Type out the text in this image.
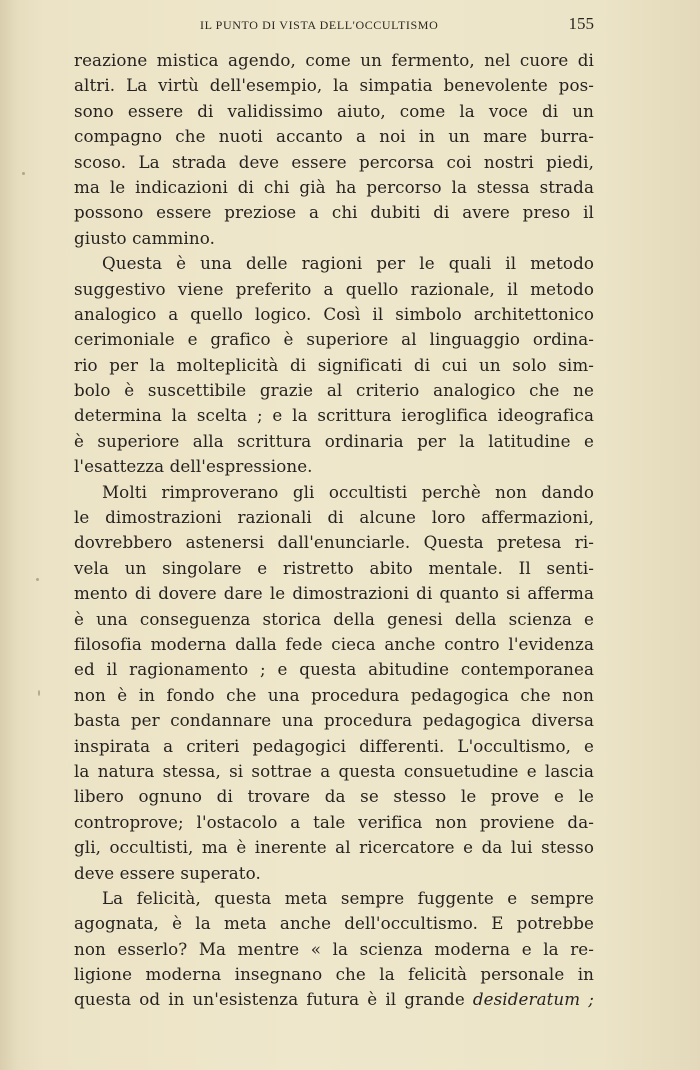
IL PUNTO DI VISTA DELL'OCCULTISMO	155
reazione mistica agendo, come un fermento, nel cuore di
altri. La virtù dell'esempio, la simpatia benevolente pos-
sono essere di validissimo aiuto, come la voce di un
compagno che nuoti accanto a noi in un mare burra-
scoso. La strada deve essere percorsa coi nostri piedi,
ma le indicazioni di chi già ha percorso la stessa strada
possono essere preziose a chi dubiti di avere preso il
giusto cammino.
Questa è una delle ragioni per le quali il metodo
suggestivo viene preferito a quello razionale, il metodo
analogico a quello logico. Così il simbolo architettonico
cerimoniale e grafico è superiore al linguaggio ordina-
rio per la molteplicità di significati di cui un solo sim-
bolo è suscettibile grazie al criterio analogico che ne
determina la scelta ; e la scrittura ieroglifica ideografica
è superiore alla scrittura ordinaria per la latitudine e
l'esattezza dell'espressione.
Molti rimproverano gli occultisti perchè non dando
le dimostrazioni razionali di alcune loro affermazioni,
dovrebbero astenersi dall'enunciarle. Questa pretesa ri-
vela un singolare e ristretto abito mentale. Il senti-
mento di dovere dare le dimostrazioni di quanto si afferma
è una conseguenza storica della genesi della scienza e
filosofia moderna dalla fede cieca anche contro l'evidenza
ed il ragionamento ; e questa abitudine contemporanea
non è in fondo che una procedura pedagogica che non
basta per condannare una procedura pedagogica diversa
inspirata a criteri pedagogici differenti. L'occultismo, e
la natura stessa, si sottrae a questa consuetudine e lascia
libero ognuno di trovare da se stesso le prove e le
controprove; l'ostacolo a tale verifica non proviene da-
gli, occultisti, ma è inerente al ricercatore e da lui stesso
deve essere superato.
La felicità, questa meta sempre fuggente e sempre
agognata, è la meta anche dell'occultismo. E potrebbe
non esserlo? Ma mentre « la scienza moderna e la re-
ligione moderna insegnano che la felicità personale in
questa od in un'esistenza futura è il grande desideratum ;
